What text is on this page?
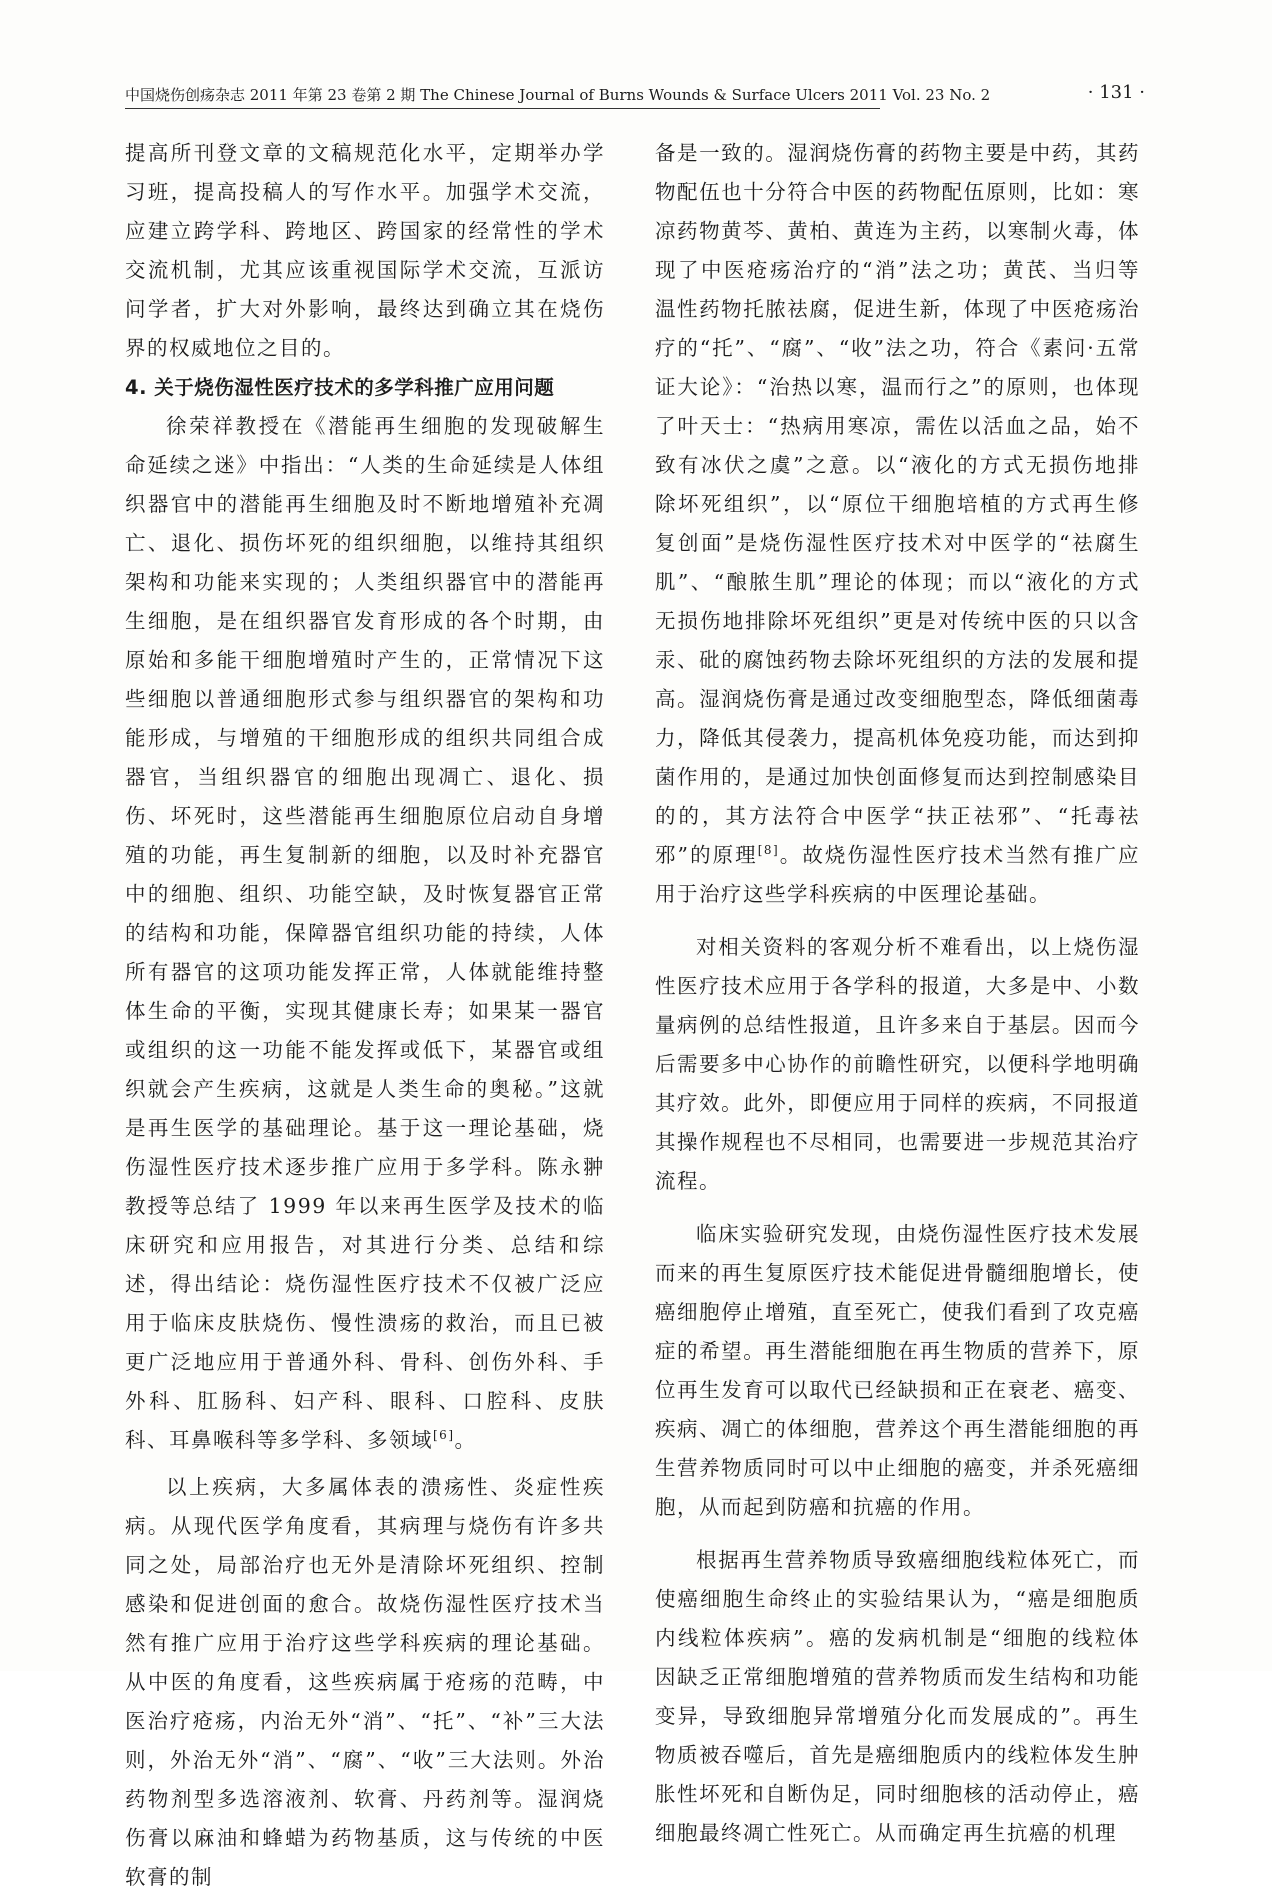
中国烧伤创疡杂志 2011 年第 23 卷第 2 期 The Chinese Journal of Burns Wounds & Surface Ulcers 2011 Vol. 23 No. 2	· 131 ·

提高所刊登文章的文稿规范化水平，定期举办学习班，提高投稿人的写作水平。加强学术交流，应建立跨学科、跨地区、跨国家的经常性的学术交流机制，尤其应该重视国际学术交流，互派访问学者，扩大对外影响，最终达到确立其在烧伤界的权威地位之目的。

4. 关于烧伤湿性医疗技术的多学科推广应用问题

徐荣祥教授在《潜能再生细胞的发现破解生命延续之迷》中指出：“人类的生命延续是人体组织器官中的潜能再生细胞及时不断地增殖补充凋亡、退化、损伤坏死的组织细胞，以维持其组织架构和功能来实现的；人类组织器官中的潜能再生细胞，是在组织器官发育形成的各个时期，由原始和多能干细胞增殖时产生的，正常情况下这些细胞以普通细胞形式参与组织器官的架构和功能形成，与增殖的干细胞形成的组织共同组合成器官，当组织器官的细胞出现凋亡、退化、损伤、坏死时，这些潜能再生细胞原位启动自身增殖的功能，再生复制新的细胞，以及时补充器官中的细胞、组织、功能空缺，及时恢复器官正常的结构和功能，保障器官组织功能的持续，人体所有器官的这项功能发挥正常，人体就能维持整体生命的平衡，实现其健康长寿；如果某一器官或组织的这一功能不能发挥或低下，某器官或组织就会产生疾病，这就是人类生命的奥秘。”这就是再生医学的基础理论。基于这一理论基础，烧伤湿性医疗技术逐步推广应用于多学科。陈永翀教授等总结了 1999 年以来再生医学及技术的临床研究和应用报告，对其进行分类、总结和综述，得出结论：烧伤湿性医疗技术不仅被广泛应用于临床皮肤烧伤、慢性溃疡的救治，而且已被更广泛地应用于普通外科、骨科、创伤外科、手外科、肛肠科、妇产科、眼科、口腔科、皮肤科、耳鼻喉科等多学科、多领域[6]。

以上疾病，大多属体表的溃疡性、炎症性疾病。从现代医学角度看，其病理与烧伤有许多共同之处，局部治疗也无外是清除坏死组织、控制感染和促进创面的愈合。故烧伤湿性医疗技术当然有推广应用于治疗这些学科疾病的理论基础。从中医的角度看，这些疾病属于疮疡的范畴，中医治疗疮疡，内治无外“消”、“托”、“补”三大法则，外治无外“消”、“腐”、“收”三大法则。外治药物剂型多选溶液剂、软膏、丹药剂等。湿润烧伤膏以麻油和蜂蜡为药物基质，这与传统的中医软膏的制

备是一致的。湿润烧伤膏的药物主要是中药，其药物配伍也十分符合中医的药物配伍原则，比如：寒凉药物黄芩、黄柏、黄连为主药，以寒制火毒，体现了中医疮疡治疗的“消”法之功；黄芪、当归等温性药物托脓祛腐，促进生新，体现了中医疮疡治疗的“托”、“腐”、“收”法之功，符合《素问·五常证大论》：“治热以寒，温而行之”的原则，也体现了叶天士：“热病用寒凉，需佐以活血之品，始不致有冰伏之虞”之意。以“液化的方式无损伤地排除坏死组织”，以“原位干细胞培植的方式再生修复创面”是烧伤湿性医疗技术对中医学的“祛腐生肌”、“酿脓生肌”理论的体现；而以“液化的方式无损伤地排除坏死组织”更是对传统中医的只以含汞、砒的腐蚀药物去除坏死组织的方法的发展和提高。湿润烧伤膏是通过改变细胞型态，降低细菌毒力，降低其侵袭力，提高机体免疫功能，而达到抑菌作用的，是通过加快创面修复而达到控制感染目的的，其方法符合中医学“扶正祛邪”、“托毒祛邪”的原理[8]。故烧伤湿性医疗技术当然有推广应用于治疗这些学科疾病的中医理论基础。

对相关资料的客观分析不难看出，以上烧伤湿性医疗技术应用于各学科的报道，大多是中、小数量病例的总结性报道，且许多来自于基层。因而今后需要多中心协作的前瞻性研究，以便科学地明确其疗效。此外，即便应用于同样的疾病，不同报道其操作规程也不尽相同，也需要进一步规范其治疗流程。

临床实验研究发现，由烧伤湿性医疗技术发展而来的再生复原医疗技术能促进骨髓细胞增长，使癌细胞停止增殖，直至死亡，使我们看到了攻克癌症的希望。再生潜能细胞在再生物质的营养下，原位再生发育可以取代已经缺损和正在衰老、癌变、疾病、凋亡的体细胞，营养这个再生潜能细胞的再生营养物质同时可以中止细胞的癌变，并杀死癌细胞，从而起到防癌和抗癌的作用。

根据再生营养物质导致癌细胞线粒体死亡，而使癌细胞生命终止的实验结果认为，“癌是细胞质内线粒体疾病”。癌的发病机制是“细胞的线粒体因缺乏正常细胞增殖的营养物质而发生结构和功能变异，导致细胞异常增殖分化而发展成的”。再生物质被吞噬后，首先是癌细胞质内的线粒体发生肿胀性坏死和自断伪足，同时细胞核的活动停止，癌细胞最终凋亡性死亡。从而确定再生抗癌的机理
